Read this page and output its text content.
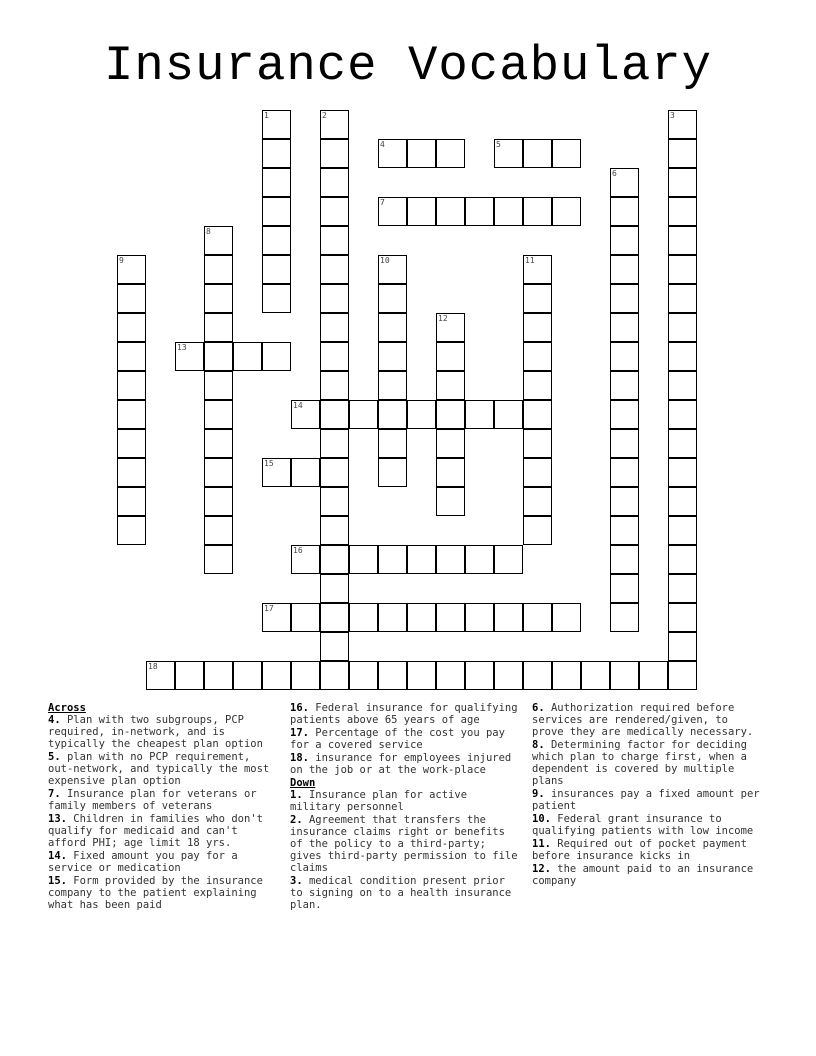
Insurance Vocabulary
1	2	3
4	5
6
7
8
9	10	11
12
13
14
15
16
17
18
Across
4. Plan with two subgroups, PCP required, in-network, and is typically the cheapest plan option
5. plan with no PCP requirement, out-network, and typically the most expensive plan option
7. Insurance plan for veterans or family members of veterans
13. Children in families who don't qualify for medicaid and can't afford PHI; age limit 18 yrs.
14. Fixed amount you pay for a service or medication
15. Form provided by the insurance company to the patient explaining what has been paid
16. Federal insurance for qualifying patients above 65 years of age
17. Percentage of the cost you pay for a covered service
18. insurance for employees injured on the job or at the work-place
Down
1. Insurance plan for active military personnel
2. Agreement that transfers the insurance claims right or benefits of the policy to a third-party; gives third-party permission to file claims
3. medical condition present prior to signing on to a health insurance plan.
6. Authorization required before services are rendered/given, to prove they are medically necessary.
8. Determining factor for deciding which plan to charge first, when a dependent is covered by multiple plans
9. insurances pay a fixed amount per patient
10. Federal grant insurance to qualifying patients with low income
11. Required out of pocket payment before insurance kicks in
12. the amount paid to an insurance company
